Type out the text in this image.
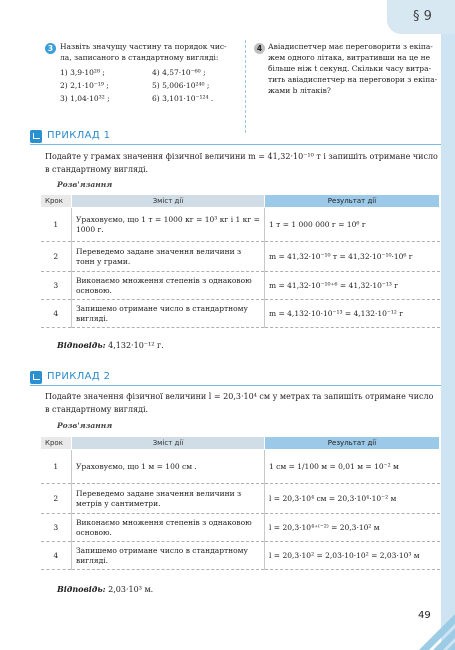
§ 9
3 Назвіть значущу частину та порядок чис-
ла, записаного в стандартному вигляді:
1) 3,9·10²⁸ ;
2) 2,1·10⁻¹⁹ ;
3) 1,04·10³² ;
4) 4,57·10⁻⁶⁰ ;
5) 5,006·10²⁴⁰ ;
6) 3,101·10⁻¹²⁴ .
4 Авіадиспетчер має переговорити з екіпа-
жем одного літака, витративши на це не
більше ніж t секунд. Скільки часу витра-
тить авіадиспетчер на переговори з екіпа-
жами b літаків?
ПРИКЛАД 1
Подайте у грамах значення фізичної величини m = 41,32·10⁻¹⁰ т і запишіть отримане число
в стандартному вигляді.
Розв'язання
Крок	Зміст дії	Результат дії
1	Ураховуємо, що 1 т = 1000 кг = 10³ кг і 1 кг = 1000 г.	1 т = 1 000 000 г = 10⁶ г
2	Переведемо задане значення величини з тонн у грами.	m = 41,32·10⁻¹⁰ т = 41,32·10⁻¹⁰·10⁶ г
3	Виконаємо множення степенів з однаковою основою.	m = 41,32·10⁻¹⁰⁺⁶ = 41,32·10⁻¹³ г
4	Запишемо отримане число в стандартному вигляді.	m = 4,132·10·10⁻¹³ = 4,132·10⁻¹² г
Відповідь: 4,132·10⁻¹² г.
ПРИКЛАД 2
Подайте значення фізичної величини l = 20,3·10⁴ см у метрах та запишіть отримане число
в стандартному вигляді.
Розв'язання
Крок	Зміст дії	Результат дії
1	Ураховуємо, що 1 м = 100 см .	1 см = 1/100 м = 0,01 м = 10⁻² м
2	Переведемо задане значення величини з метрів у сантиметри.	l = 20,3·10⁴ см = 20,3·10⁴·10⁻² м
3	Виконаємо множення степенів з однаковою основою.	l = 20,3·10⁴⁺⁽⁻²⁾ = 20,3·10² м
4	Запишемо отримане число в стандартному вигляді.	l = 20,3·10² = 2,03·10·10² = 2,03·10³ м
Відповідь: 2,03·10³ м.
49
